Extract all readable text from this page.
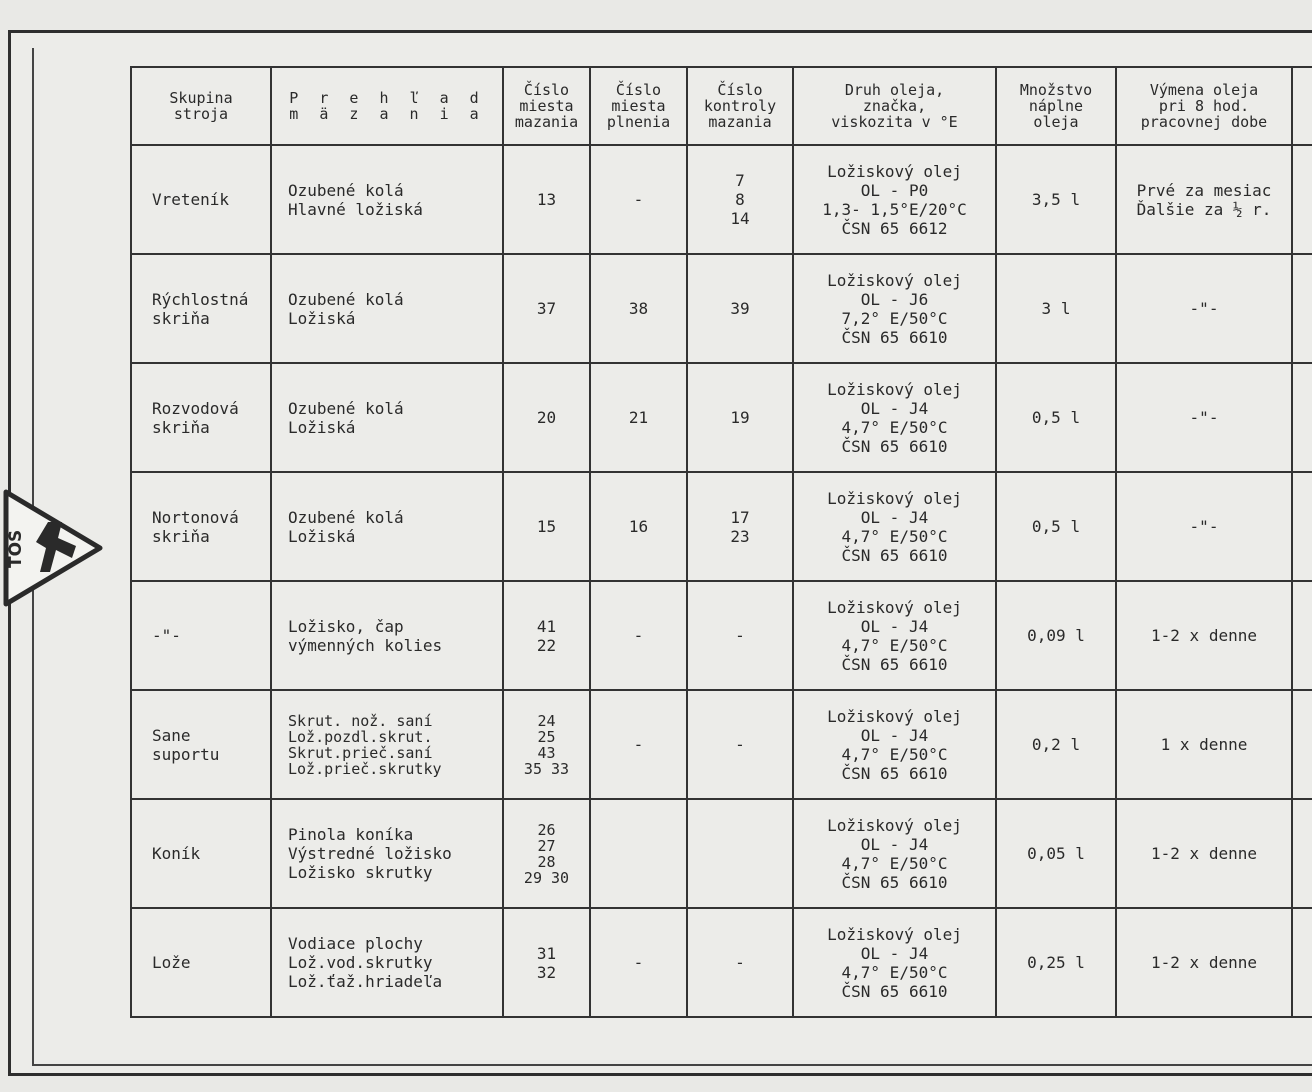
TOS
Skupina
stroja	P r e h ľ a d
m ä z a n i a	Číslo
miesta
mazania	Číslo
miesta
plnenia	Číslo
kontroly
mazania	Druh oleja,
značka,
viskozita v °E	Množstvo
náplne
oleja	Výmena oleja
pri 8 hod.
pracovnej dobe	

Vreteník	Ozubené kolá
Hlavné ložiská	13	-	7
8
14	Ložiskový olej
OL - P0
1,3- 1,5°E/20°C
ČSN 65 6612	3,5 l	Prvé za mesiac
Ďalšie za ½ r.	

Rýchlostná
skriňa	Ozubené kolá
Ložiská	37	38	39	Ložiskový olej
OL - J6
7,2° E/50°C
ČSN 65 6610	3 l	-"-	

Rozvodová
skriňa	Ozubené kolá
Ložiská	20	21	19	Ložiskový olej
OL - J4
4,7° E/50°C
ČSN 65 6610	0,5 l	-"-	

Nortonová
skriňa	Ozubené kolá
Ložiská	15	16	17
23	Ložiskový olej
OL - J4
4,7° E/50°C
ČSN 65 6610	0,5 l	-"-	

-"-	Ložisko, čap
výmenných kolies	41
22	-	-	Ložiskový olej
OL - J4
4,7° E/50°C
ČSN 65 6610	0,09 l	1-2 x denne	

Sane
suportu	Skrut. nož. saní
Lož.pozdl.skrut.
Skrut.prieč.saní
Lož.prieč.skrutky	24
25
43
35 33	-	-	Ložiskový olej
OL - J4
4,7° E/50°C
ČSN 65 6610	0,2 l	1 x denne	

Koník	Pinola koníka
Výstredné ložisko
Ložisko skrutky	26
27
28
29 30			Ložiskový olej
OL - J4
4,7° E/50°C
ČSN 65 6610	0,05 l	1-2 x denne	

Lože	Vodiace plochy
Lož.vod.skrutky
Lož.ťaž.hriadeľa	31
32	-	-	Ložiskový olej
OL - J4
4,7° E/50°C
ČSN 65 6610	0,25 l	1-2 x denne	
